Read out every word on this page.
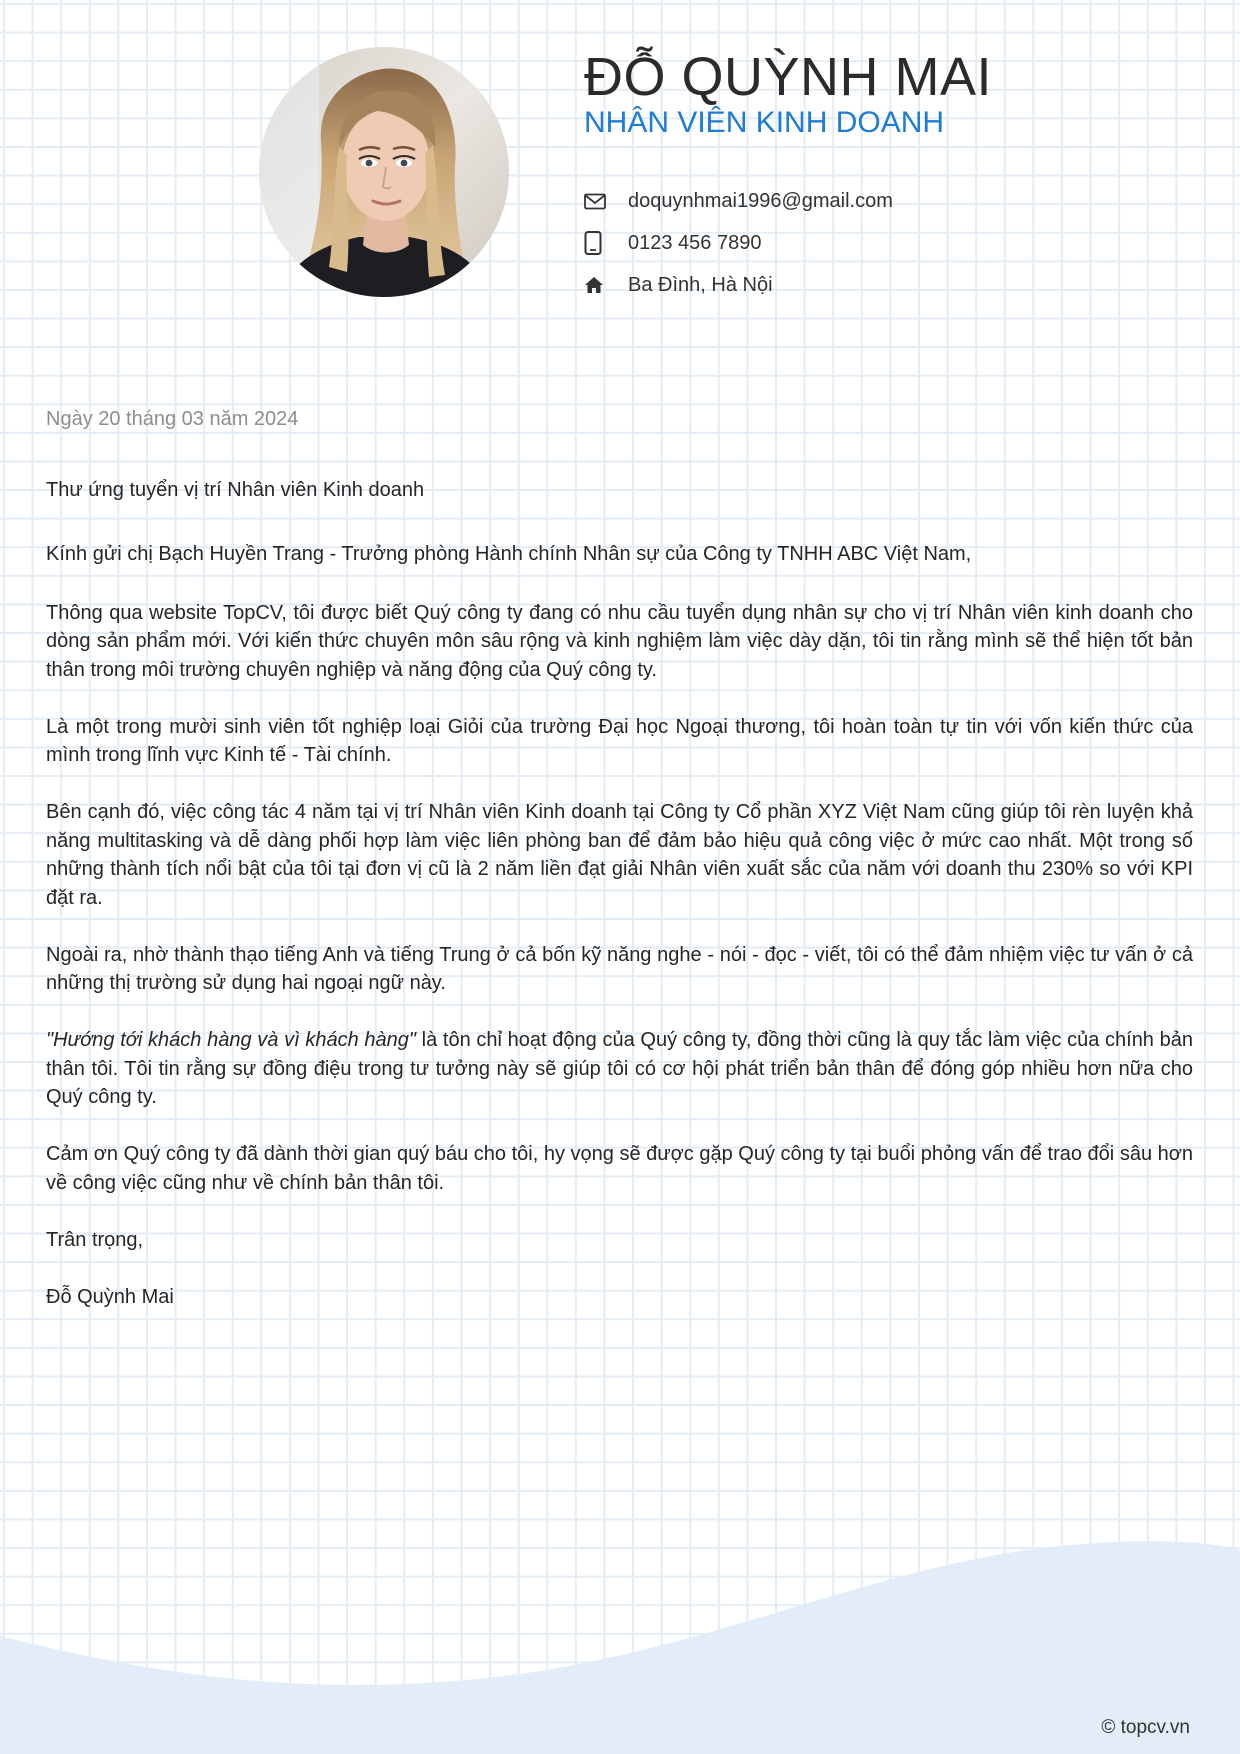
ĐỖ QUỲNH MAI
NHÂN VIÊN KINH DOANH
doquynhmai1996@gmail.com
0123 456 7890
Ba Đình, Hà Nội

Ngày 20 tháng 03 năm 2024

Thư ứng tuyển vị trí Nhân viên Kinh doanh

Kính gửi chị Bạch Huyền Trang - Trưởng phòng Hành chính Nhân sự của Công ty TNHH ABC Việt Nam,

Thông qua website TopCV, tôi được biết Quý công ty đang có nhu cầu tuyển dụng nhân sự cho vị trí Nhân viên kinh doanh cho dòng sản phẩm mới. Với kiến thức chuyên môn sâu rộng và kinh nghiệm làm việc dày dặn, tôi tin rằng mình sẽ thể hiện tốt bản thân trong môi trường chuyên nghiệp và năng động của Quý công ty.

Là một trong mười sinh viên tốt nghiệp loại Giỏi của trường Đại học Ngoại thương, tôi hoàn toàn tự tin với vốn kiến thức của mình trong lĩnh vực Kinh tế - Tài chính.

Bên cạnh đó, việc công tác 4 năm tại vị trí Nhân viên Kinh doanh tại Công ty Cổ phần XYZ Việt Nam cũng giúp tôi rèn luyện khả năng multitasking và dễ dàng phối hợp làm việc liên phòng ban để đảm bảo hiệu quả công việc ở mức cao nhất. Một trong số những thành tích nổi bật của tôi tại đơn vị cũ là 2 năm liền đạt giải Nhân viên xuất sắc của năm với doanh thu 230% so với KPI đặt ra.

Ngoài ra, nhờ thành thạo tiếng Anh và tiếng Trung ở cả bốn kỹ năng nghe - nói - đọc - viết, tôi có thể đảm nhiệm việc tư vấn ở cả những thị trường sử dụng hai ngoại ngữ này.

"Hướng tới khách hàng và vì khách hàng" là tôn chỉ hoạt động của Quý công ty, đồng thời cũng là quy tắc làm việc của chính bản thân tôi. Tôi tin rằng sự đồng điệu trong tư tưởng này sẽ giúp tôi có cơ hội phát triển bản thân để đóng góp nhiều hơn nữa cho Quý công ty.

Cảm ơn Quý công ty đã dành thời gian quý báu cho tôi, hy vọng sẽ được gặp Quý công ty tại buổi phỏng vấn để trao đổi sâu hơn về công việc cũng như về chính bản thân tôi.

Trân trọng,

Đỗ Quỳnh Mai

© topcv.vn
